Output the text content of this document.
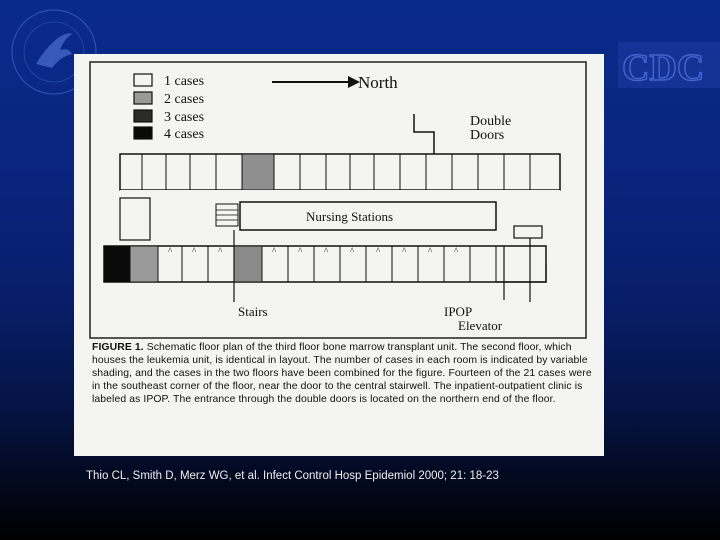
CDC
1 cases
2 cases
3 cases
4 cases
North
Double
Doors
Nursing Stations
^ ^ ^	^ ^ ^ ^ ^ ^ ^ ^
Stairs	IPOP
Elevator
FIGURE 1. Schematic floor plan of the third floor bone marrow transplant unit. The second floor, which houses the leukemia unit, is identical in layout. The number of cases in each room is indicated by variable shading, and the cases in the two floors have been combined for the figure. Fourteen of the 21 cases were in the southeast corner of the floor, near the door to the central stairwell. The inpatient-outpatient clinic is labeled as IPOP. The entrance through the double doors is located on the northern end of the floor.
Thio CL, Smith D, Merz WG, et al. Infect Control Hosp Epidemiol 2000; 21: 18-23
